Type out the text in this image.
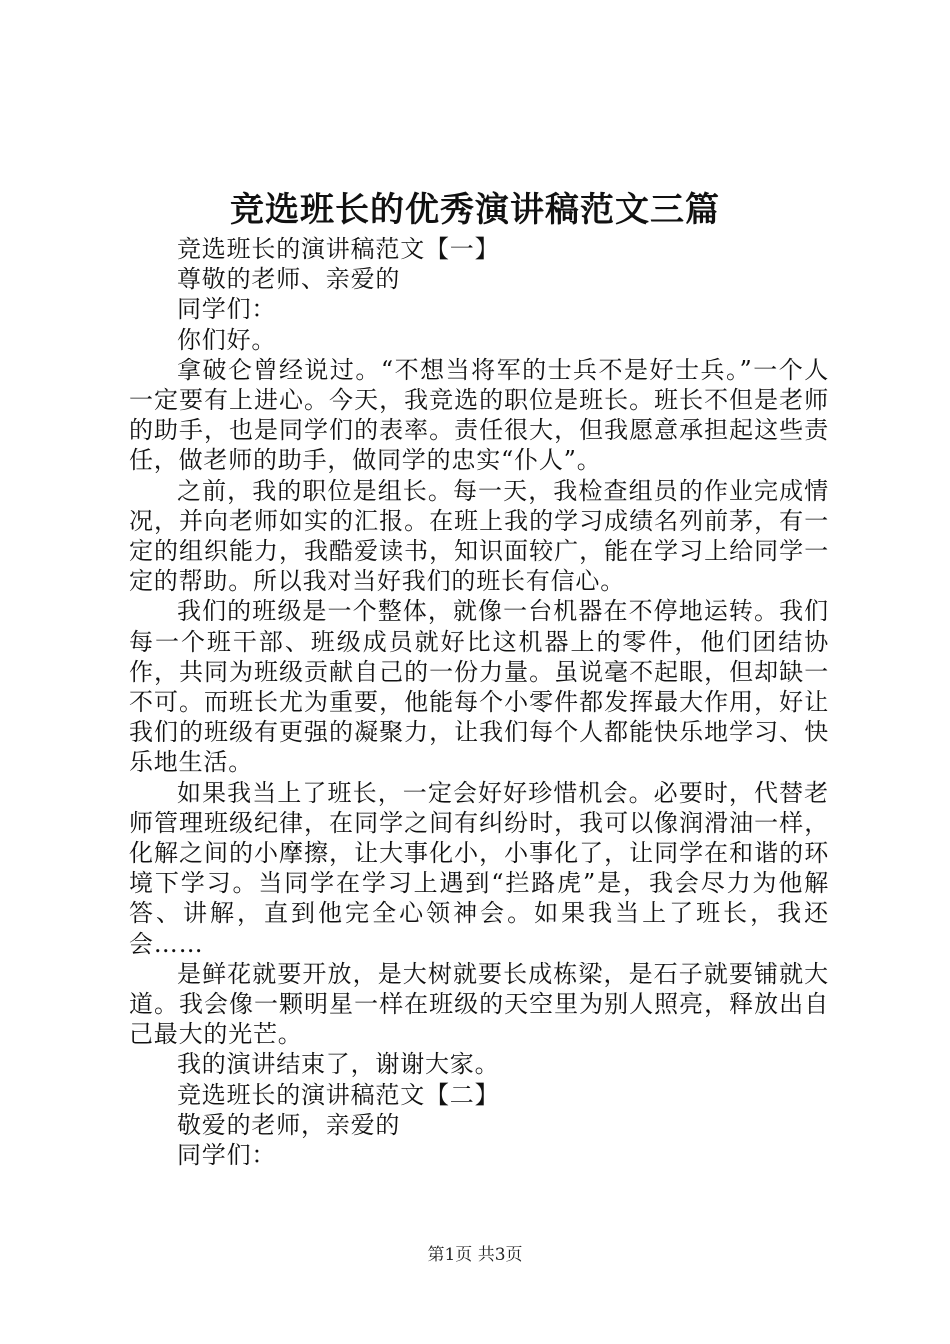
竞选班长的优秀演讲稿范文三篇

竞选班长的演讲稿范文【一】

尊敬的老师、亲爱的

同学们：

你们好。

拿破仑曾经说过。“不想当将军的士兵不是好士兵。”一个人一定要有上进心。今天，我竞选的职位是班长。班长不但是老师的助手，也是同学们的表率。责任很大，但我愿意承担起这些责任，做老师的助手，做同学的忠实“仆人”。

之前，我的职位是组长。每一天，我检查组员的作业完成情况，并向老师如实的汇报。在班上我的学习成绩名列前茅，有一定的组织能力，我酷爱读书，知识面较广，能在学习上给同学一定的帮助。所以我对当好我们的班长有信心。

我们的班级是一个整体，就像一台机器在不停地运转。我们每一个班干部、班级成员就好比这机器上的零件，他们团结协作，共同为班级贡献自己的一份力量。虽说毫不起眼，但却缺一不可。而班长尤为重要，他能每个小零件都发挥最大作用，好让我们的班级有更强的凝聚力，让我们每个人都能快乐地学习、快乐地生活。

如果我当上了班长，一定会好好珍惜机会。必要时，代替老师管理班级纪律，在同学之间有纠纷时，我可以像润滑油一样，化解之间的小摩擦，让大事化小，小事化了，让同学在和谐的环境下学习。当同学在学习上遇到“拦路虎”是，我会尽力为他解答、讲解，直到他完全心领神会。如果我当上了班长，我还会……

是鲜花就要开放，是大树就要长成栋梁，是石子就要铺就大道。我会像一颗明星一样在班级的天空里为别人照亮，释放出自己最大的光芒。

我的演讲结束了，谢谢大家。

竞选班长的演讲稿范文【二】

敬爱的老师，亲爱的

同学们：

第1页 共3页
